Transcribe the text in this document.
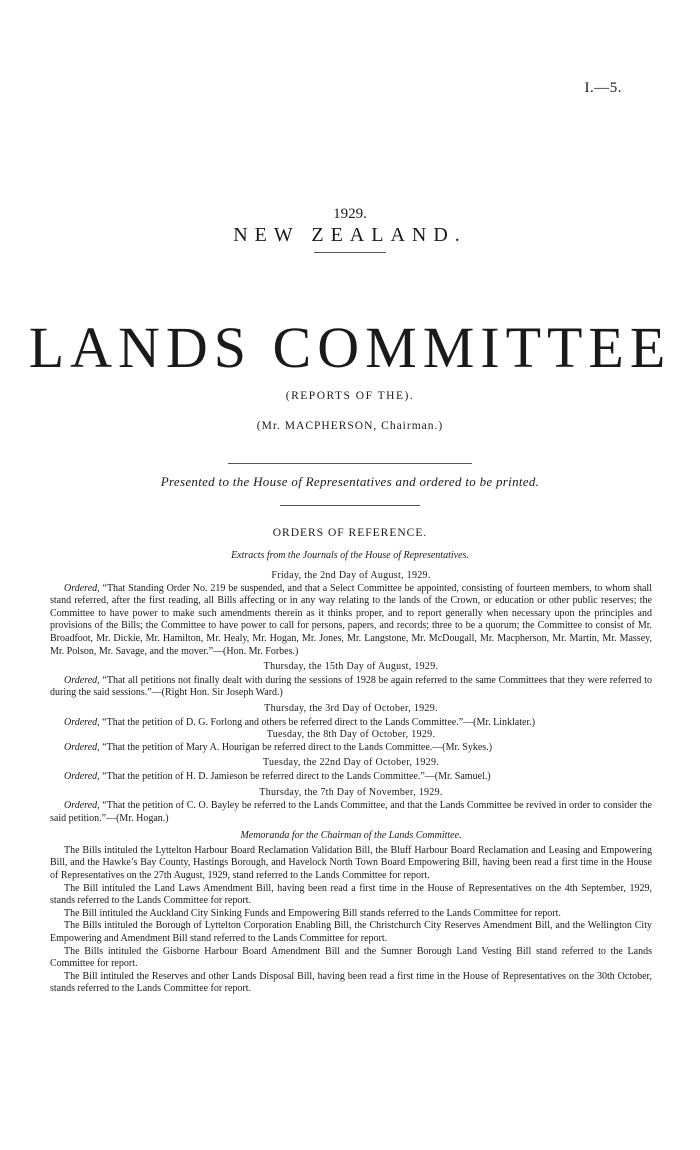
I.—5.
1929.
NEW ZEALAND.
LANDS COMMITTEE
(REPORTS OF THE).
(Mr. MACPHERSON, Chairman.)
Presented to the House of Representatives and ordered to be printed.
ORDERS OF REFERENCE.
Extracts from the Journals of the House of Representatives.

Friday, the 2nd Day of August, 1929.

Ordered, “That Standing Order No. 219 be suspended, and that a Select Committee be appointed, consisting of fourteen members, to whom shall stand referred, after the first reading, all Bills affecting or in any way relating to the lands of the Crown, or education or other public reserves; the Committee to have power to make such amendments therein as it thinks proper, and to report generally when necessary upon the principles and provisions of the Bills; the Committee to have power to call for persons, papers, and records; three to be a quorum; the Committee to consist of Mr. Broadfoot, Mr. Dickie, Mr. Hamilton, Mr. Healy, Mr. Hogan, Mr. Jones, Mr. Langstone, Mr. McDougall, Mr. Macpherson, Mr. Martin, Mr. Massey, Mr. Polson, Mr. Savage, and the mover.”—(Hon. Mr. Forbes.)

Thursday, the 15th Day of August, 1929.

Ordered, “That all petitions not finally dealt with during the sessions of 1928 be again referred to the same Committees that they were referred to during the said sessions.”—(Right Hon. Sir Joseph Ward.)

Thursday, the 3rd Day of October, 1929.

Ordered, “That the petition of D. G. Forlong and others be referred direct to the Lands Committee.”—(Mr. Linklater.)

Tuesday, the 8th Day of October, 1929.

Ordered, “That the petition of Mary A. Hourigan be referred direct to the Lands Committee.—(Mr. Sykes.)

Tuesday, the 22nd Day of October, 1929.

Ordered, “That the petition of H. D. Jamieson be referred direct to the Lands Committee.”—(Mr. Samuel.)

Thursday, the 7th Day of November, 1929.

Ordered, “That the petition of C. O. Bayley be referred to the Lands Committee, and that the Lands Committee be revived in order to consider the said petition.”—(Mr. Hogan.)

Memoranda for the Chairman of the Lands Committee.

The Bills intituled the Lyttelton Harbour Board Reclamation Validation Bill, the Bluff Harbour Board Reclamation and Leasing and Empowering Bill, and the Hawke’s Bay County, Hastings Borough, and Havelock North Town Board Empowering Bill, having been read a first time in the House of Representatives on the 27th August, 1929, stand referred to the Lands Committee for report.

The Bill intituled the Land Laws Amendment Bill, having been read a first time in the House of Representatives on the 4th September, 1929, stands referred to the Lands Committee for report.

The Bill intituled the Auckland City Sinking Funds and Empowering Bill stands referred to the Lands Committee for report.

The Bills intituled the Borough of Lyttelton Corporation Enabling Bill, the Christchurch City Reserves Amendment Bill, and the Wellington City Empowering and Amendment Bill stand referred to the Lands Committee for report.

The Bills intituled the Gisborne Harbour Board Amendment Bill and the Sumner Borough Land Vesting Bill stand referred to the Lands Committee for report.

The Bill intituled the Reserves and other Lands Disposal Bill, having been read a first time in the House of Representatives on the 30th October, stands referred to the Lands Committee for report.
